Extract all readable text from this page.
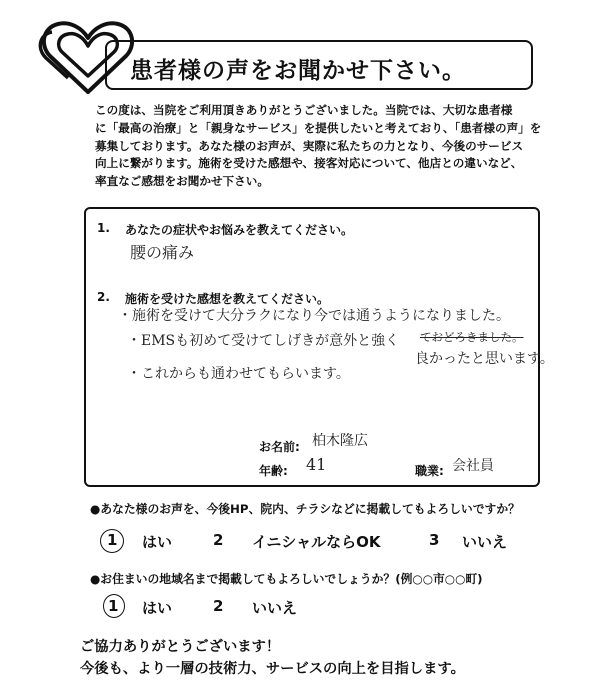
患者様の声をお聞かせ下さい。
この度は、当院をご利用頂きありがとうございました。当院では、大切な患者様
に「最高の治療」と「親身なサービス」を提供したいと考えており、「患者様の声」を
募集しております。あなた様のお声が、実際に私たちの力となり、今後のサービス
向上に繋がります。施術を受けた感想や、接客対応について、他店との違いなど、
率直なご感想をお聞かせ下さい。
1. あなたの症状やお悩みを教えてください。
腰の痛み
2. 施術を受けた感想を教えてください。
・施術を受けて大分ラクになり今では通うようになりました。
・EMSも初めて受けてしげきが意外と強く ておどろきました。
良かったと思います。
・これからも通わせてもらいます。
お名前: 柏木隆広
年齢: 41	職業: 会社員
●あなた様のお声を、今後HP、院内、チラシなどに掲載してもよろしいですか？
1 はい	2 イニシャルならOK	3 いいえ
●お住まいの地域名まで掲載してもよろしいでしょうか？(例○○市○○町)
1 はい	2 いいえ
ご協力ありがとうございます！
今後も、より一層の技術力、サービスの向上を目指します。
